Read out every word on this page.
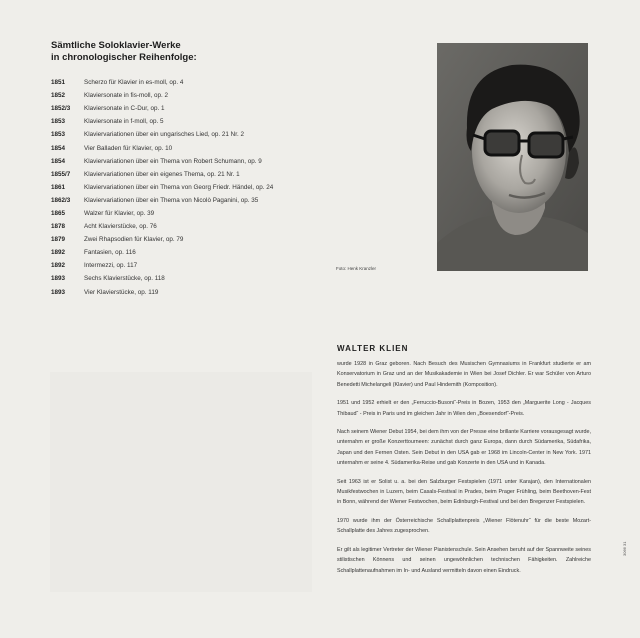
Sämtliche Soloklavier-Werke
in chronologischer Reihenfolge:
1851	Scherzo für Klavier in es-moll, op. 4
1852	Klaviersonate in fis-moll, op. 2
1852/3	Klaviersonate in C-Dur, op. 1
1853	Klaviersonate in f-moll, op. 5
1853	Klaviervariationen über ein ungarisches Lied, op. 21 Nr. 2
1854	Vier Balladen für Klavier, op. 10
1854	Klaviervariationen über ein Thema von Robert Schumann, op. 9
1855/7	Klaviervariationen über ein eigenes Thema, op. 21 Nr. 1
1861	Klaviervariationen über ein Thema von Georg Friedr. Händel, op. 24
1862/3	Klaviervariationen über ein Thema von Nicolò Paganini, op. 35
1865	Walzer für Klavier, op. 39
1878	Acht Klavierstücke, op. 76
1879	Zwei Rhapsodien für Klavier, op. 79
1892	Fantasien, op. 116
1892	Intermezzi, op. 117
1893	Sechs Klavierstücke, op. 118
1893	Vier Klavierstücke, op. 119
Foto: Henk Kranzler
WALTER KLIEN

wurde 1928 in Graz geboren. Nach Besuch des Musischen Gymnasiums in Frankfurt studierte er am Konservatorium in Graz und an der Musikakademie in Wien bei Josef Dichler. Er war Schüler von Arturo Benedetti Michelangeli (Klavier) und Paul Hindemith (Komposition).

1951 und 1952 erhielt er den „Ferruccio-Busoni“-Preis in Bozen, 1953 den „Marguerite Long - Jacques Thibaud“ - Preis in Paris und im gleichen Jahr in Wien den „Boesendorf“-Preis.

Nach seinem Wiener Debut 1954, bei dem ihm von der Presse eine brillante Karriere vorausgesagt wurde, unternahm er große Konzerttourneen: zunächst durch ganz Europa, dann durch Südamerika, Südafrika, Japan und den Fernen Osten. Sein Debut in den USA gab er 1968 im Lincoln-Center in New York. 1971 unternahm er seine 4. Südamerika-Reise und gab Konzerte in den USA und in Kanada.

Seit 1963 ist er Solist u. a. bei den Salzburger Festspielen (1971 unter Karajan), den Internationalen Musikfestwochen in Luzern, beim Casals-Festival in Prades, beim Prager Frühling, beim Beethoven-Fest in Bonn, während der Wiener Festwochen, beim Edinburgh-Festival und bei den Bregenzer Festspielen.

1970 wurde ihm der Österreichische Schallplattenpreis „Wiener Flötenuhr“ für die beste Mozart-Schallplatte des Jahres zugesprochen.

Er gilt als legitimer Vertreter der Wiener Pianistenschule. Sein Ansehen beruht auf der Spannweite seines stilistischen Könnens und seinen ungewöhnlichen technischen Fähigkeiten. Zahlreiche Schallplattenaufnahmen im In- und Ausland vermitteln davon einen Eindruck.

3066 31
